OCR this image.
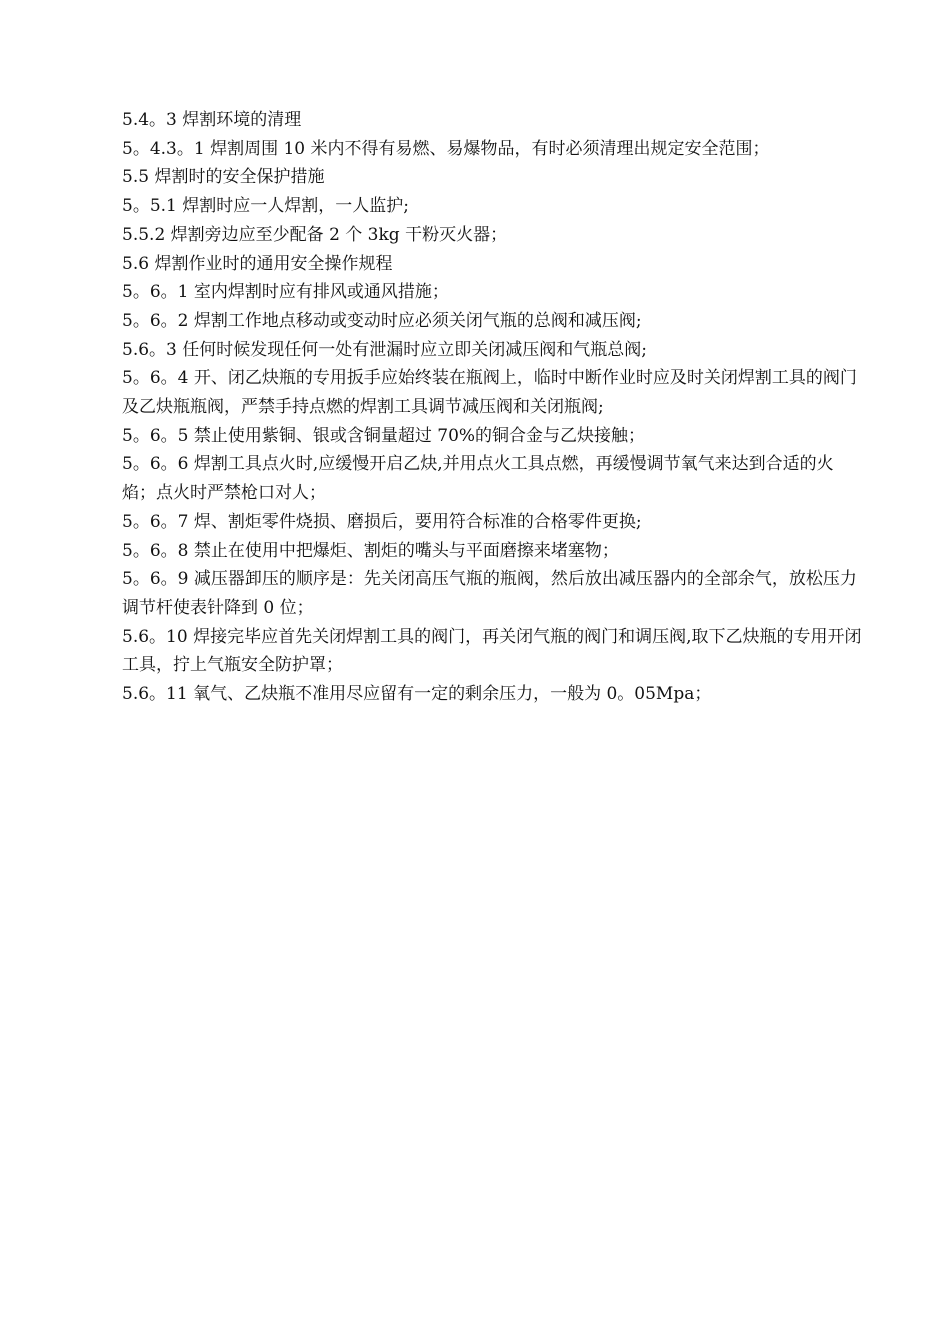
5.4。3 焊割环境的清理

5。4.3。1 焊割周围 10 米内不得有易燃、易爆物品，有时必须清理出规定安全范围；

5.5 焊割时的安全保护措施

5。5.1 焊割时应一人焊割，一人监护;

5.5.2 焊割旁边应至少配备 2 个 3kg 干粉灭火器；

5.6 焊割作业时的通用安全操作规程

5。6。1 室内焊割时应有排风或通风措施；

5。6。2 焊割工作地点移动或变动时应必须关闭气瓶的总阀和减压阀;

5.6。3 任何时候发现任何一处有泄漏时应立即关闭减压阀和气瓶总阀;

5。6。4 开、闭乙炔瓶的专用扳手应始终装在瓶阀上，临时中断作业时应及时关闭焊割工具的阀门及乙炔瓶瓶阀，严禁手持点燃的焊割工具调节减压阀和关闭瓶阀;

5。6。5 禁止使用紫铜、银或含铜量超过 70%的铜合金与乙炔接触；

5。6。6 焊割工具点火时,应缓慢开启乙炔,并用点火工具点燃，再缓慢调节氧气来达到合适的火焰；点火时严禁枪口对人；

5。6。7 焊、割炬零件烧损、磨损后，要用符合标准的合格零件更换;

5。6。8 禁止在使用中把爆炬、割炬的嘴头与平面磨擦来堵塞物；

5。6。9 减压器卸压的顺序是：先关闭高压气瓶的瓶阀，然后放出减压器内的全部余气，放松压力调节杆使表针降到 0 位；

5.6。10 焊接完毕应首先关闭焊割工具的阀门，再关闭气瓶的阀门和调压阀,取下乙炔瓶的专用开闭工具，拧上气瓶安全防护罩；

5.6。11 氧气、乙炔瓶不准用尽应留有一定的剩余压力，一般为 0。05Mpa；
